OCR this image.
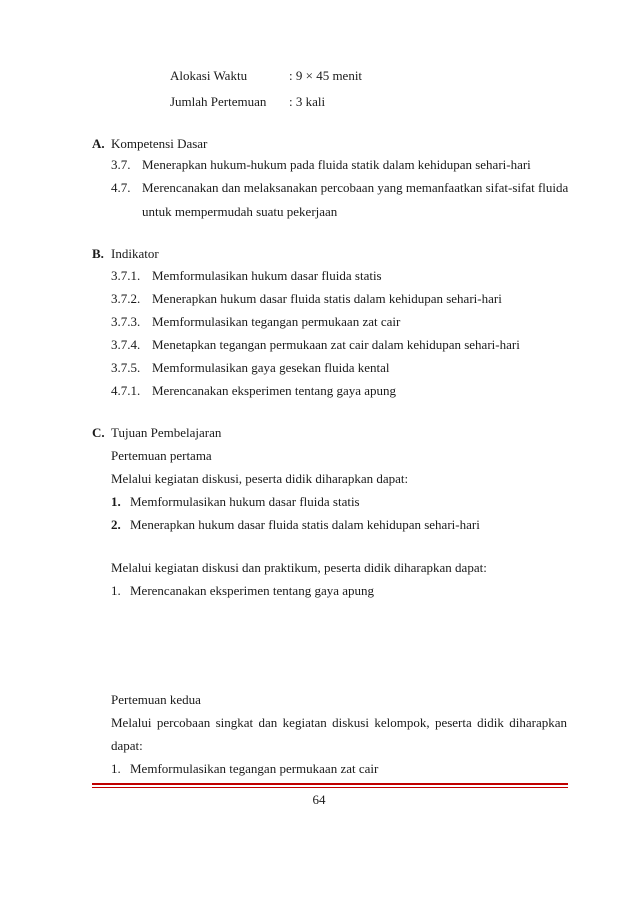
Alokasi Waktu	: 9 × 45 menit
Jumlah Pertemuan : 3 kali
A. Kompetensi Dasar
3.7. Menerapkan hukum-hukum pada fluida statik dalam kehidupan sehari-hari
4.7. Merencanakan dan melaksanakan percobaan yang memanfaatkan sifat-sifat fluida
untuk mempermudah suatu pekerjaan
B. Indikator
3.7.1. Memformulasikan hukum dasar fluida statis
3.7.2. Menerapkan hukum dasar fluida statis dalam kehidupan sehari-hari
3.7.3. Memformulasikan tegangan permukaan zat cair
3.7.4. Menetapkan tegangan permukaan zat cair dalam kehidupan sehari-hari
3.7.5. Memformulasikan gaya gesekan fluida kental
4.7.1. Merencanakan eksperimen tentang gaya apung
C. Tujuan Pembelajaran
Pertemuan pertama
Melalui kegiatan diskusi, peserta didik diharapkan dapat:
1. Memformulasikan hukum dasar fluida statis
2. Menerapkan hukum dasar fluida statis dalam kehidupan sehari-hari
Melalui kegiatan diskusi dan praktikum, peserta didik diharapkan dapat:
1. Merencanakan eksperimen tentang gaya apung
Pertemuan kedua
Melalui percobaan singkat dan kegiatan diskusi kelompok, peserta didik diharapkan
dapat:
1. Memformulasikan tegangan permukaan zat cair
64
